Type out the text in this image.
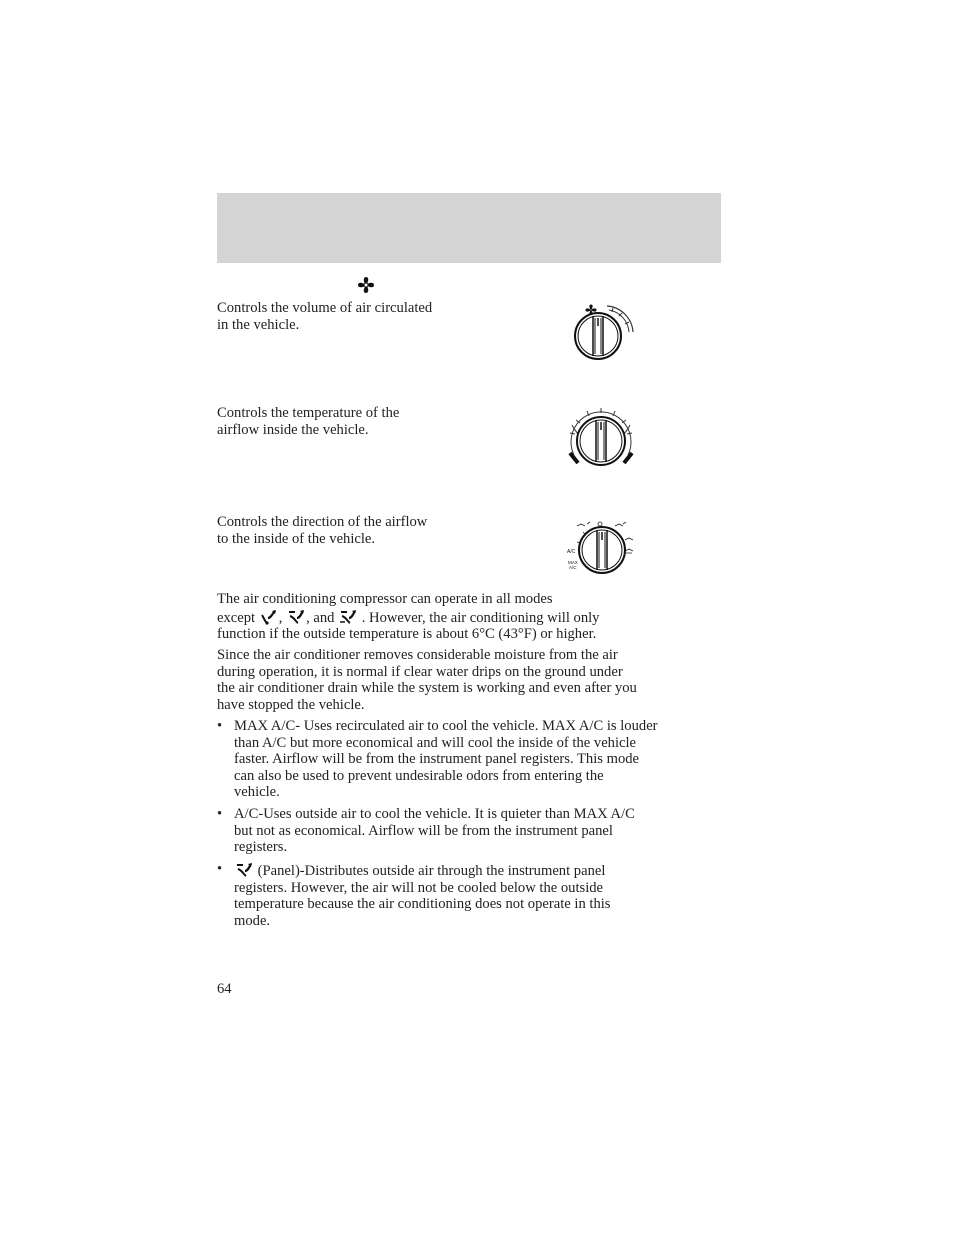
Controls the volume of air circulated
in the vehicle.
Controls the temperature of the
airflow inside the vehicle.
Controls the direction of the airflow
to the inside of the vehicle.
A/C
MAX
A/C
The air conditioning compressor can operate in all modes
except , , and . However, the air conditioning will only
function if the outside temperature is about 6°C (43°F) or higher.
Since the air conditioner removes considerable moisture from the air
during operation, it is normal if clear water drips on the ground under
the air conditioner drain while the system is working and even after you
have stopped the vehicle.
• MAX A/C- Uses recirculated air to cool the vehicle. MAX A/C is louder
than A/C but more economical and will cool the inside of the vehicle
faster. Airflow will be from the instrument panel registers. This mode
can also be used to prevent undesirable odors from entering the
vehicle.
• A/C-Uses outside air to cool the vehicle. It is quieter than MAX A/C
but not as economical. Airflow will be from the instrument panel
registers.
•	(Panel)-Distributes outside air through the instrument panel
registers. However, the air will not be cooled below the outside
temperature because the air conditioning does not operate in this
mode.
64
